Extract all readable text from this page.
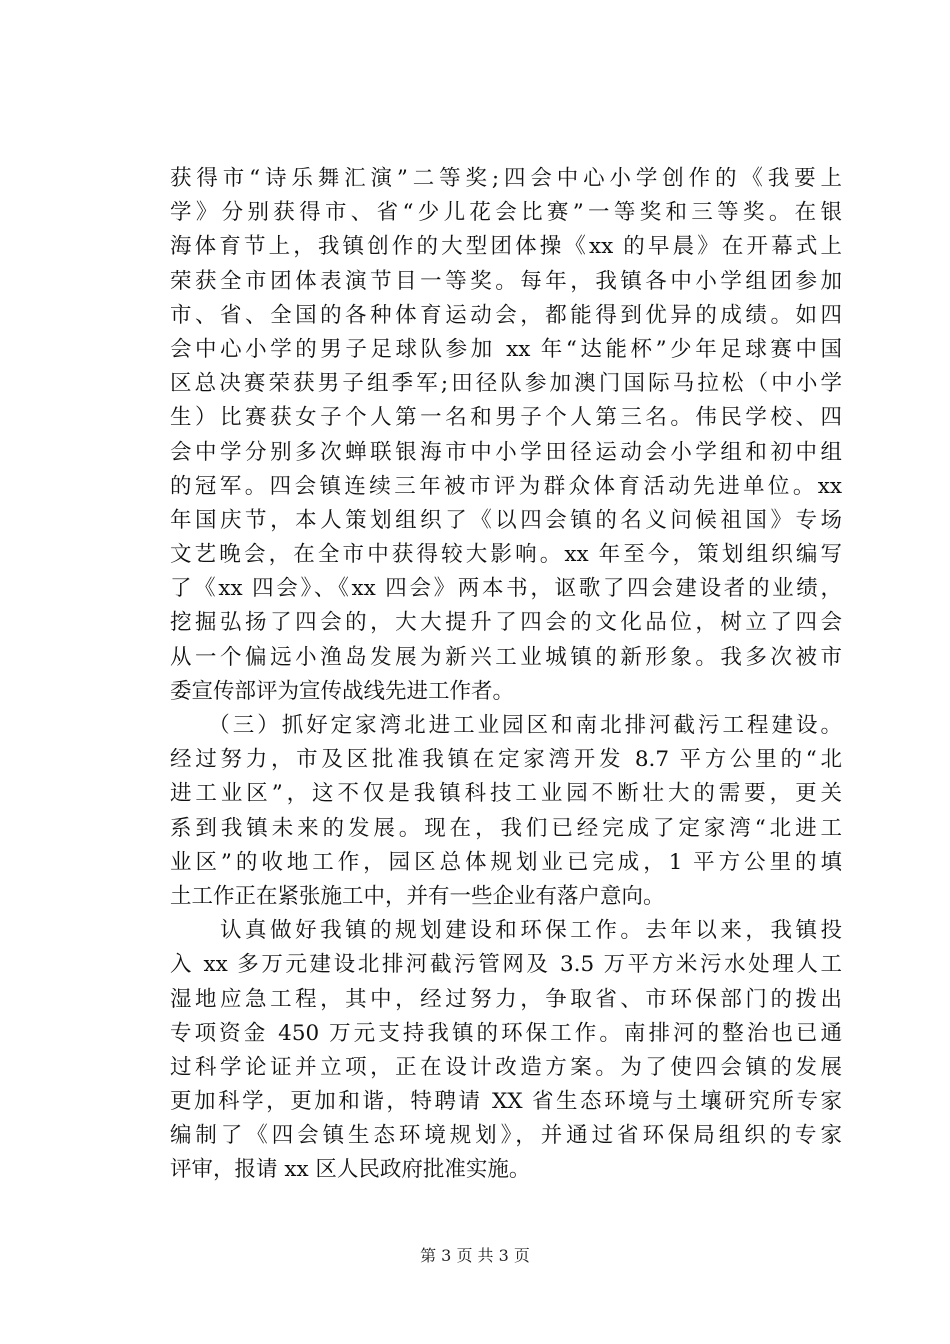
获得市“诗乐舞汇演”二等奖;四会中心小学创作的《我要上
学》分别获得市、省“少儿花会比赛”一等奖和三等奖。在银
海体育节上，我镇创作的大型团体操《xx 的早晨》在开幕式上
荣获全市团体表演节目一等奖。每年，我镇各中小学组团参加
市、省、全国的各种体育运动会，都能得到优异的成绩。如四
会中心小学的男子足球队参加 xx 年“达能杯”少年足球赛中国
区总决赛荣获男子组季军;田径队参加澳门国际马拉松（中小学
生）比赛获女子个人第一名和男子个人第三名。伟民学校、四
会中学分别多次蝉联银海市中小学田径运动会小学组和初中组
的冠军。四会镇连续三年被市评为群众体育活动先进单位。xx
年国庆节，本人策划组织了《以四会镇的名义问候祖国》专场
文艺晚会，在全市中获得较大影响。xx 年至今，策划组织编写
了《xx 四会》、《xx 四会》两本书，讴歌了四会建设者的业绩，
挖掘弘扬了四会的，大大提升了四会的文化品位，树立了四会
从一个偏远小渔岛发展为新兴工业城镇的新形象。我多次被市
委宣传部评为宣传战线先进工作者。
　　（三）抓好定家湾北进工业园区和南北排河截污工程建设。
经过努力，市及区批准我镇在定家湾开发 8.7 平方公里的“北
进工业区”，这不仅是我镇科技工业园不断壮大的需要，更关
系到我镇未来的发展。现在，我们已经完成了定家湾“北进工
业区”的收地工作，园区总体规划业已完成，1 平方公里的填
土工作正在紧张施工中，并有一些企业有落户意向。
　　认真做好我镇的规划建设和环保工作。去年以来，我镇投
入 xx 多万元建设北排河截污管网及 3.5 万平方米污水处理人工
湿地应急工程，其中，经过努力，争取省、市环保部门的拨出
专项资金 450 万元支持我镇的环保工作。南排河的整治也已通
过科学论证并立项，正在设计改造方案。为了使四会镇的发展
更加科学，更加和谐，特聘请 XX 省生态环境与土壤研究所专家
编制了《四会镇生态环境规划》，并通过省环保局组织的专家
评审，报请 xx 区人民政府批准实施。
第 3 页 共 3 页
